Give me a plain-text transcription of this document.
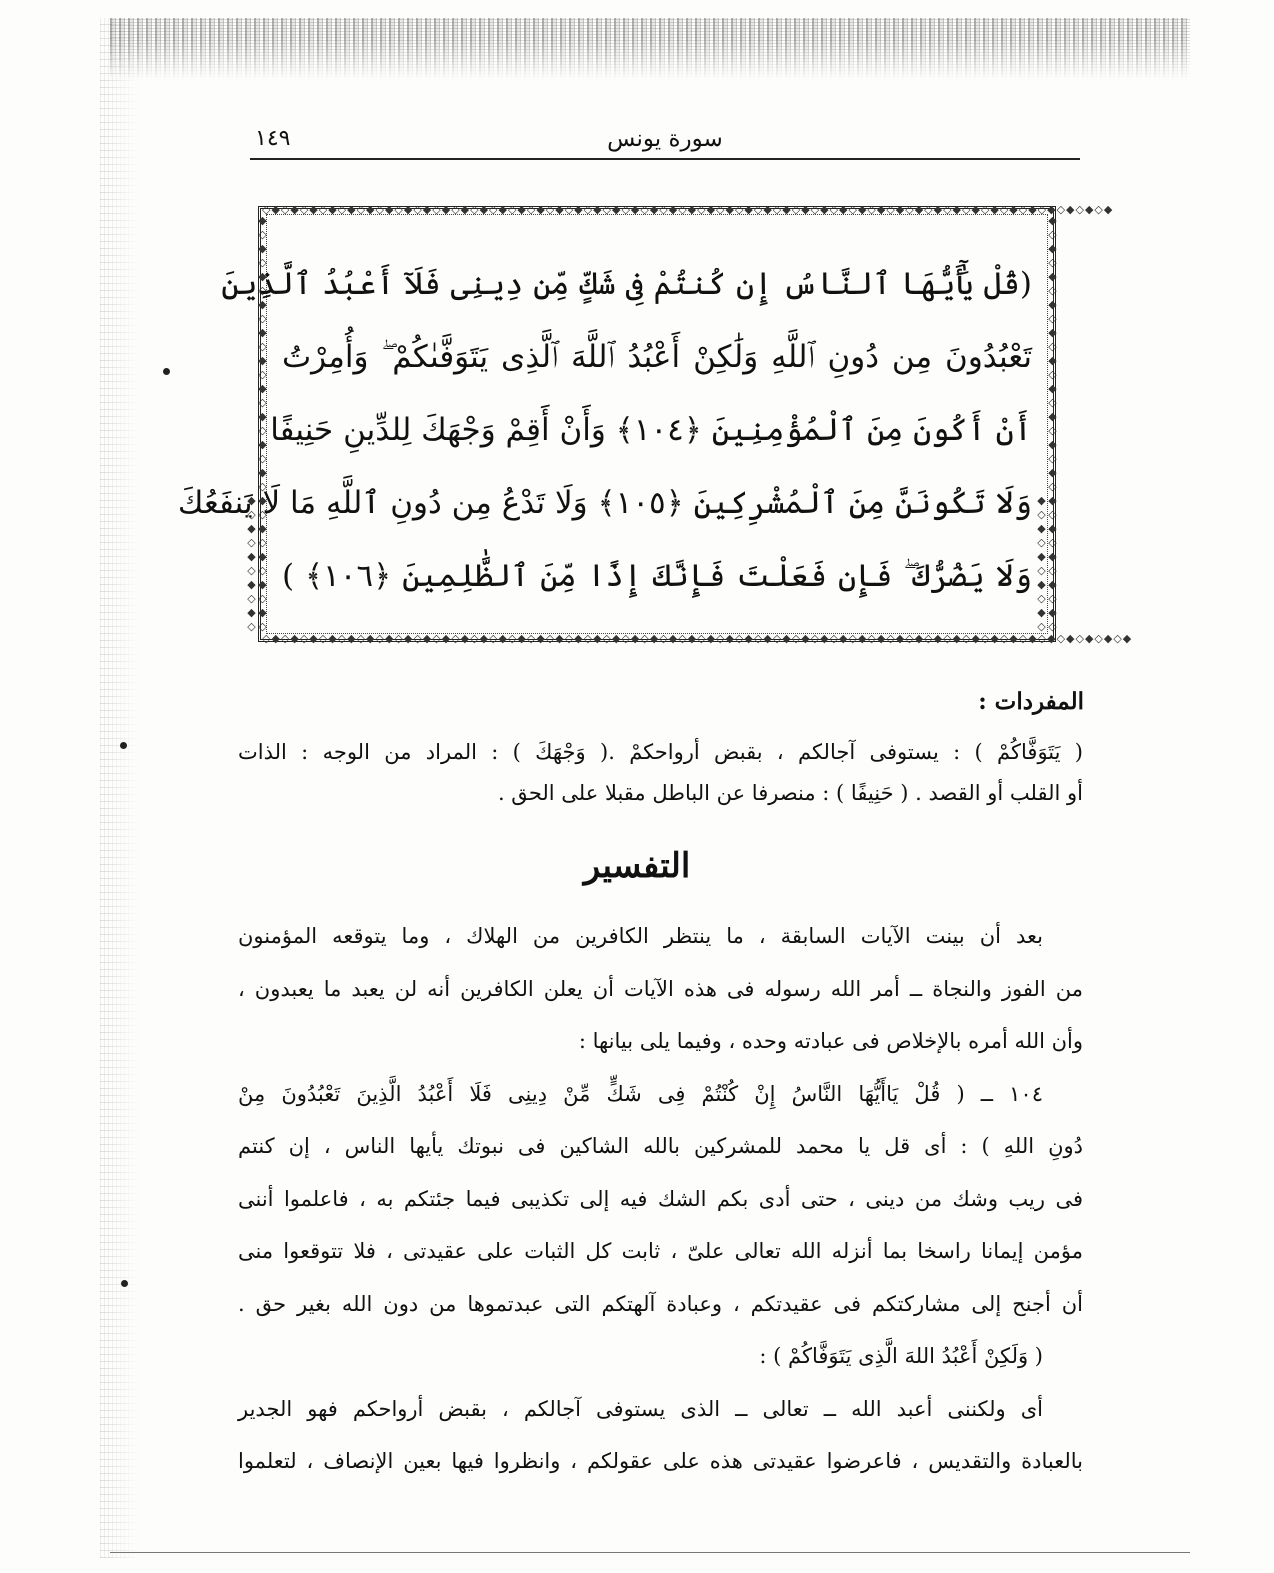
١٤٩	سورة يونس
◇◆◇◆◇◆◇◆◇◆◇◆◇◆◇◆◇◆◇◆◇◆◇◆◇◆◇◆◇◆◇◆◇◆◇◆◇◆◇◆◇◆◇◆◇◆◇◆◇◆◇◆◇◆◇◆◇◆◇◆◇◆◇◆◇◆◇◆◇◆◇◆◇◆◇◆◇◆◇◆◇◆◇◆◇◆◇◆◇◆
◇◆◇◆◇◆◇◆◇◆◇◆◇◆◇◆◇◆◇◆◇◆◇◆◇◆◇◆◇◆◇◆◇◆◇◆◇◆◇◆◇◆◇◆◇◆◇◆◇◆◇◆◇◆◇◆◇◆◇◆◇◆◇◆◇◆◇◆◇◆◇◆◇◆◇◆◇◆◇◆◇◆◇◆◇◆◇◆◇◆◇◆
◇◆◇◆◇◆◇◆◇◆◇◆◇◆◇◆◇◆◇◆◇◆◇◆◇◆◇◆◇◆◇◆◇◆◇◆◇◆◇◆	◇◆◇◆◇◆◇◆◇◆◇◆◇◆◇◆◇◆◇◆◇◆◇◆◇◆◇◆◇◆◇◆◇◆◇◆◇◆◇◆
(قُلْ يَٰٓأَيُّهَا ٱلنَّاسُ إِن كُنتُمْ فِى شَكٍّ مِّن دِينِى فَلَآ أَعْبُدُ ٱلَّذِينَ
تَعْبُدُونَ مِن دُونِ ٱللَّهِ وَلَٰكِنْ أَعْبُدُ ٱللَّهَ ٱلَّذِى يَتَوَفَّىٰكُمْ ۖ وَأُمِرْتُ
أَنْ أَكُونَ مِنَ ٱلْمُؤْمِنِينَ ﴿١٠٤﴾ وَأَنْ أَقِمْ وَجْهَكَ لِلدِّينِ حَنِيفًا
وَلَا تَكُونَنَّ مِنَ ٱلْمُشْرِكِينَ ﴿١٠٥﴾ وَلَا تَدْعُ مِن دُونِ ٱللَّهِ مَا لَا يَنفَعُكَ
وَلَا يَضُرُّكَ ۖ فَإِن فَعَلْتَ فَإِنَّكَ إِذًا مِّنَ ٱلظَّٰلِمِينَ ﴿١٠٦﴾ )
المفردات :
( يَتَوَفَّاكُمْ ) : يستوفى آجالكم ، بقبض أرواحكمْ .( وَجْهَكَ ) : المراد من الوجه : الذات
أو القلب أو القصد . ( حَنِيفًا ) : منصرفا عن الباطل مقبلا على الحق .
التفسير
بعد أن بينت الآيات السابقة ، ما ينتظر الكافرين من الهلاك ، وما يتوقعه المؤمنون
من الفوز والنجاة ــ أمر الله رسوله فى هذه الآيات أن يعلن الكافرين أنه لن يعبد ما يعبدون ،
وأن الله أمره بالإخلاص فى عبادته وحده ، وفيما يلى بيانها :
١٠٤ ــ ( قُلْ يَاأَيُّهَا النَّاسُ إِنْ كُنْتُمْ فِى شَكٍّ مِّنْ دِينِى فَلَا أَعْبُدُ الَّذِينَ تَعْبُدُونَ مِنْ
دُونِ اللهِ ) : أى قل يا محمد للمشركين بالله الشاكين فى نبوتك يأيها الناس ، إن كنتم
فى ريب وشك من دينى ، حتى أدى بكم الشك فيه إلى تكذيبى فيما جئتكم به ، فاعلموا أننى
مؤمن إيمانا راسخا بما أنزله الله تعالى علىّ ، ثابت كل الثبات على عقيدتى ، فلا تتوقعوا منى
أن أجنح إلى مشاركتكم فى عقيدتكم ، وعبادة آلهتكم التى عبدتموها من دون الله بغير حق .
( وَلَكِنْ أَعْبُدُ اللهَ الَّذِى يَتَوَفَّاكُمْ ) :
أى ولكننى أعبد الله ــ تعالى ــ الذى يستوفى آجالكم ، بقبض أرواحكم فهو الجدير
بالعبادة والتقديس ، فاعرضوا عقيدتى هذه على عقولكم ، وانظروا فيها بعين الإنصاف ، لتعلموا
